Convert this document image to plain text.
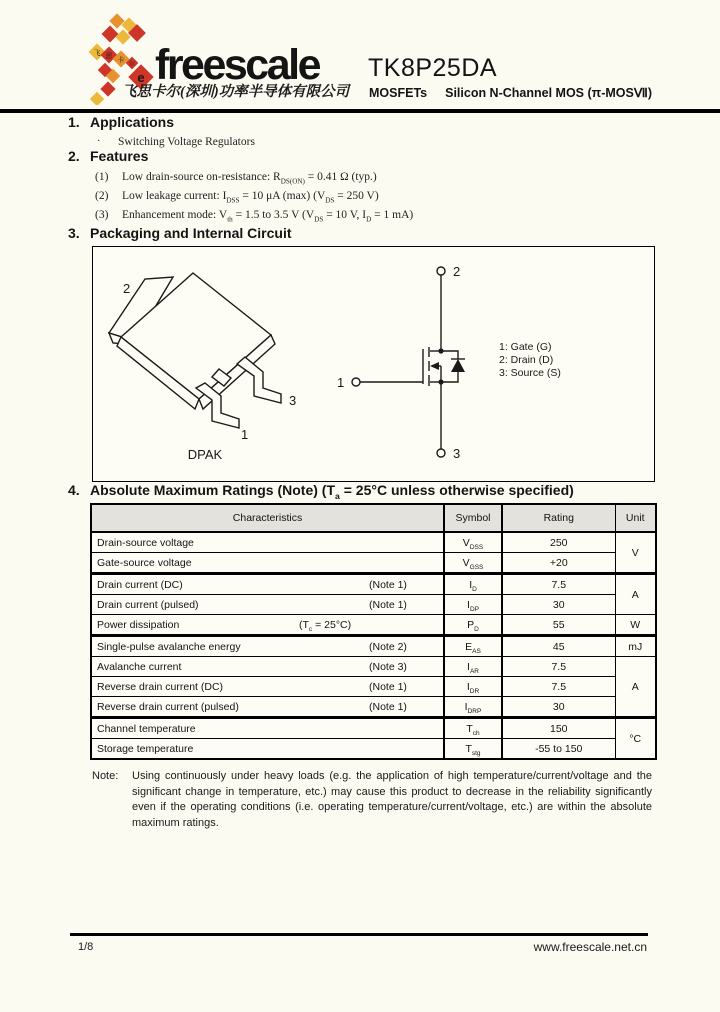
飞 思
卡
尔
e freescale
飞思卡尔(深圳)功率半导体有限公司
TK8P25DA
MOSFETs Silicon N-Channel MOS (π-MOSⅦ)
1. Applications
· Switching Voltage Regulators
2. Features
(1) Low drain-source on-resistance: $R_{DS(ON)} = 0.41$ Ω (typ.)
(2) Low leakage current: $I_{DSS} = 10$ μA (max) ($V_{DS} = 250$ V)
(3) Enhancement mode: $V_{th} = 1.5$ to 3.5 V ($V_{DS} = 10$ V, $I_D = 1$ mA)
3. Packaging and Internal Circuit
2
1
3
DPAK
2
1
3
1: Gate (G)
2: Drain (D)
3: Source (S)
4. Absolute Maximum Ratings (Note) ($T_a = 25^\circ C$ unless otherwise specified)
Characteristics	Symbol	Rating	Unit
Drain-source voltage	$V_{DSS}$	250	V
Gate-source voltage	$V_{GSS}$	+20	
Drain current (DC) (Note 1)	$I_D$	7.5	A
Drain current (pulsed) (Note 1)	$I_{DP}$	30	
Power dissipation $(T_c = 25^\circ C)$	$P_D$	55	W
Single-pulse avalanche energy (Note 2)	$E_{AS}$	45	mJ
Avalanche current (Note 3)	$I_{AR}$	7.5	A
Reverse drain current (DC) (Note 1)	$I_{DR}$	7.5	
Reverse drain current (pulsed) (Note 1)	$I_{DRP}$	30	
Channel temperature	$T_{ch}$	150	°C
Storage temperature	$T_{stg}$	-55 to 150	
Note:	Using continuously under heavy loads (e.g. the application of high temperature/current/voltage and the significant change in temperature, etc.) may cause this product to decrease in the reliability significantly even if the operating conditions (i.e. operating temperature/current/voltage, etc.) are within the absolute maximum ratings.
1/8	www.freescale.net.cn
